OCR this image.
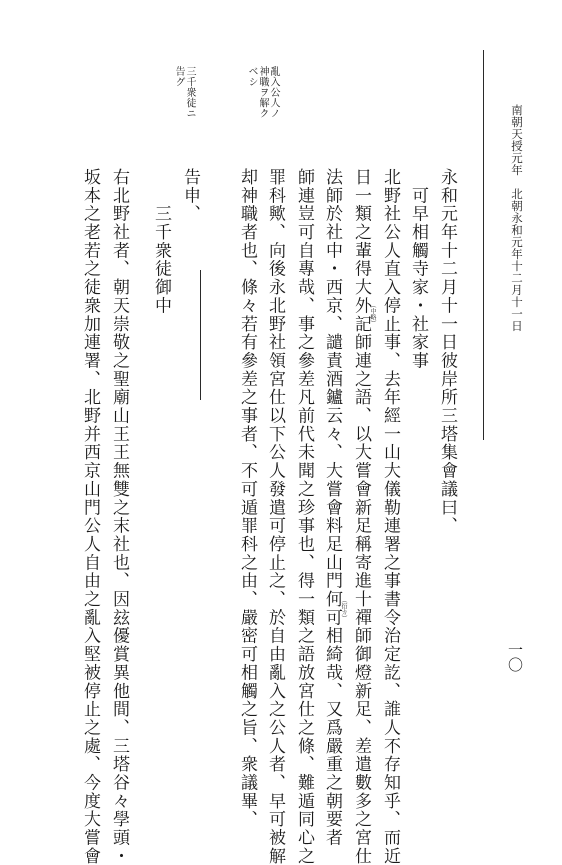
南朝天授元年　北朝永和元年十二月十一日
一〇
永和元年十二月十一日彼岸所三塔集會議曰、
　可早相觸寺家・社家事
北野社公人直入停止事、去年經一山大儀勒連署之事書令治定訖、誰人不存知乎、而近
日一類之輩得大外記師連之語、以大嘗會新足稱寄進十禪師御燈新足、差遣數多之宮仕
（中略）
法師於社中・西京、譴責酒鑪云々、大嘗會料足山門何可相綺哉、又爲嚴重之朝要者
（衍カ）
師連豈可自專哉、事之參差凡前代未聞之珍事也、得一類之語放宮仕之條、難遁同心之
罪科歟、向後永北野社領宮仕以下公人發遣可停止之、於自由亂入之公人者、早可被解
却神職者也、條々若有參差之事者、不可遁罪科之由、嚴密可相觸之旨、衆議畢、
告申、
　　三千衆徒御中
右北野社者、朝天崇敬之聖廟山王王無雙之末社也、因玆優賞異他間、三塔谷々學頭・
坂本之老若之徒衆加連署、北野并西京山門公人自由之亂入堅被停止之處、今度大嘗會
亂入公人ノ
神職ヲ解ク
ベシ
三千衆徒ニ
告グ
